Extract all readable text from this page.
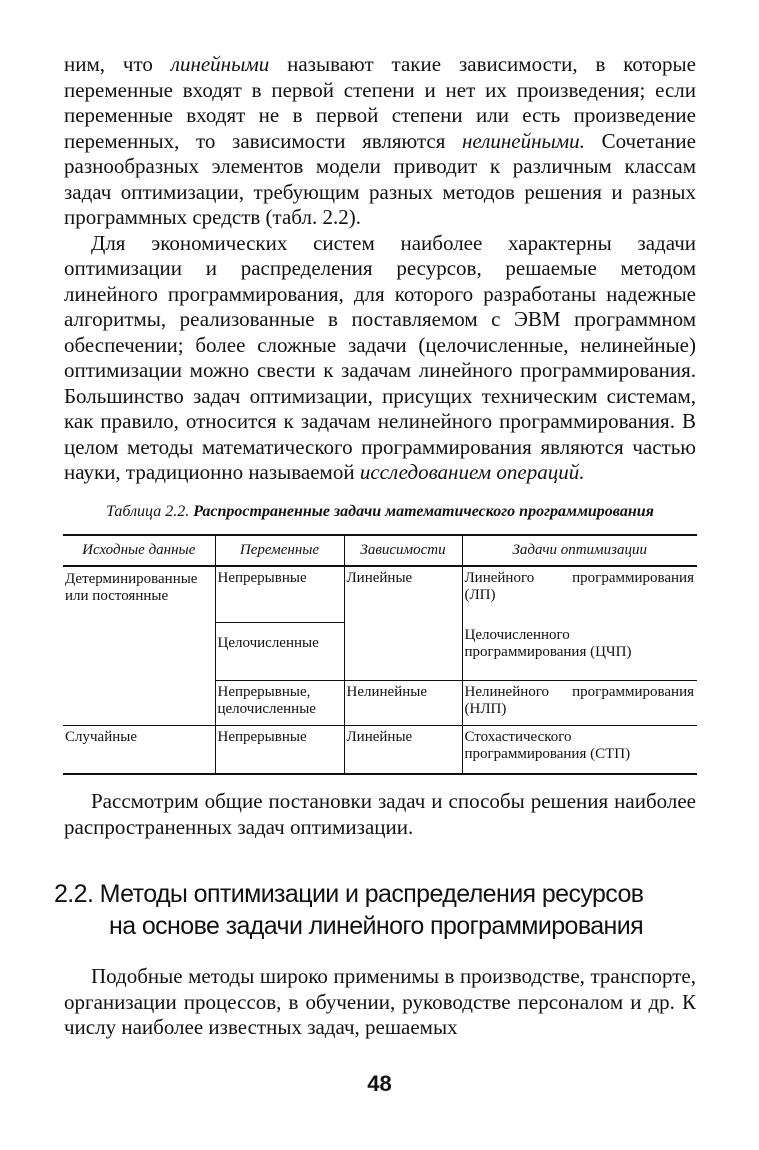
ним, что линейными называют такие зависимости, в которые переменные входят в первой степени и нет их произведения; если переменные входят не в первой степени или есть произведение переменных, то зависимости являются нелинейными. Сочетание разнообразных элементов модели приводит к различным классам задач оптимизации, требующим разных методов решения и разных программных средств (табл. 2.2).

Для экономических систем наиболее характерны задачи оптимизации и распределения ресурсов, решаемые методом линейного программирования, для которого разработаны надежные алгоритмы, реализованные в поставляемом с ЭВМ программном обеспечении; более сложные задачи (целочисленные, нелинейные) оптимизации можно свести к задачам линейного программирования. Большинство задач оптимизации, присущих техническим системам, как правило, относится к задачам нелинейного программирования. В целом методы математического программирования являются частью науки, традиционно называемой исследованием операций.

Таблица 2.2. Распространенные задачи математического программирования
Исходные данные	Переменные	Зависимости	Задачи оптимизации
Детерминированные или постоянные	Непрерывные	Линейные	Линейного программирования (ЛП)
	Целочисленные		Целочисленного программирования (ЦЧП)
	Непрерывные, целочисленные	Нелинейные	Нелинейного программирования (НЛП)
Случайные	Непрерывные	Линейные	Стохастического программирования (СТП)

Рассмотрим общие постановки задач и способы решения наиболее распространенных задач оптимизации.

2.2. Методы оптимизации и распределения ресурсов
на основе задачи линейного программирования

Подобные методы широко применимы в производстве, транспорте, организации процессов, в обучении, руководстве персоналом и др. К числу наиболее известных задач, решаемых

48
